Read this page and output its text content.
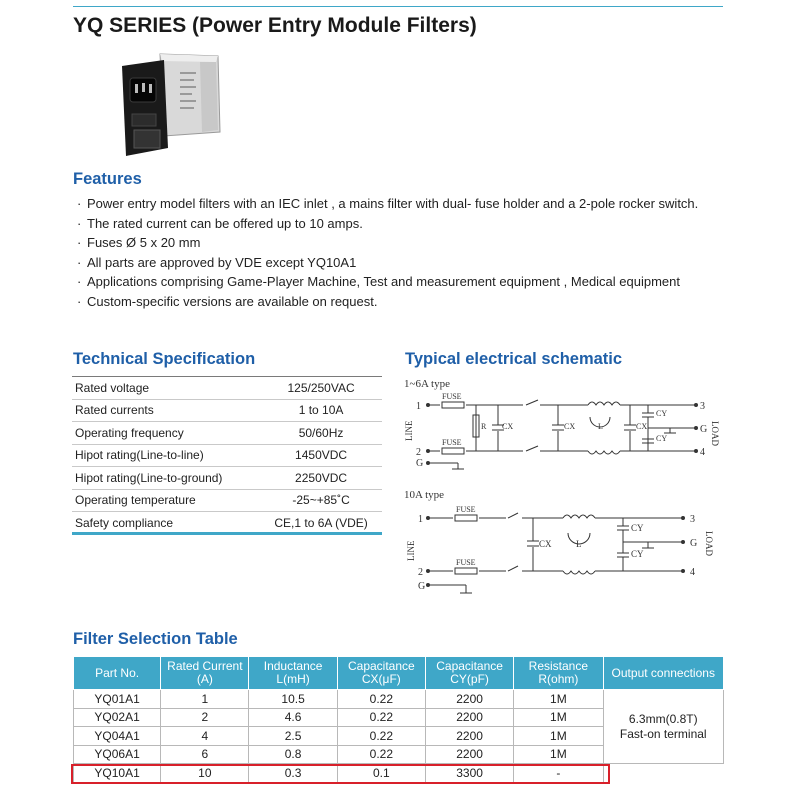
YQ SERIES (Power Entry Module Filters)
Features
· Power entry model filters with an IEC inlet , a mains filter with dual- fuse holder and a 2-pole rocker switch.
· The rated current can be offered up to 10 amps.
· Fuses Ø 5 x 20 mm
· All parts are approved by VDE except YQ10A1
· Applications comprising Game-Player Machine, Test and measurement equipment , Medical equipment
· Custom-specific versions are available on request.
Technical Specification
Rated voltage	125/250VAC
Rated currents	1 to 10A
Operating frequency	50/60Hz
Hipot rating(Line-to-line)	1450VDC
Hipot rating(Line-to-ground)	2250VDC
Operating temperature	-25~+85˚C
Safety compliance	CE,1 to 6A (VDE)
Typical electrical schematic
1~6A type
1
2
G
FUSE
FUSE
R CX	CX	L	CX
CY
CY
3
G
4
LINE	LOAD
10A type
1
2
G
FUSE
FUSE
CX	L
CY
CY
3
G
4
LINE	LOAD
Filter Selection Table
Part No.	Rated Current (A)	Inductance L(mH)	Capacitance CX(μF)	Capacitance CY(pF)	Resistance R(ohm)	Output connections
YQ01A1	1	10.5	0.22	2200	1M	6.3mm(0.8T)
Fast-on terminal

YQ02A1	2	4.6	0.22	2200	1M	
YQ04A1	4	2.5	0.22	2200	1M	
YQ06A1	6	0.8	0.22	2200	1M	
YQ10A1	10	0.3	0.1	3300	-	
